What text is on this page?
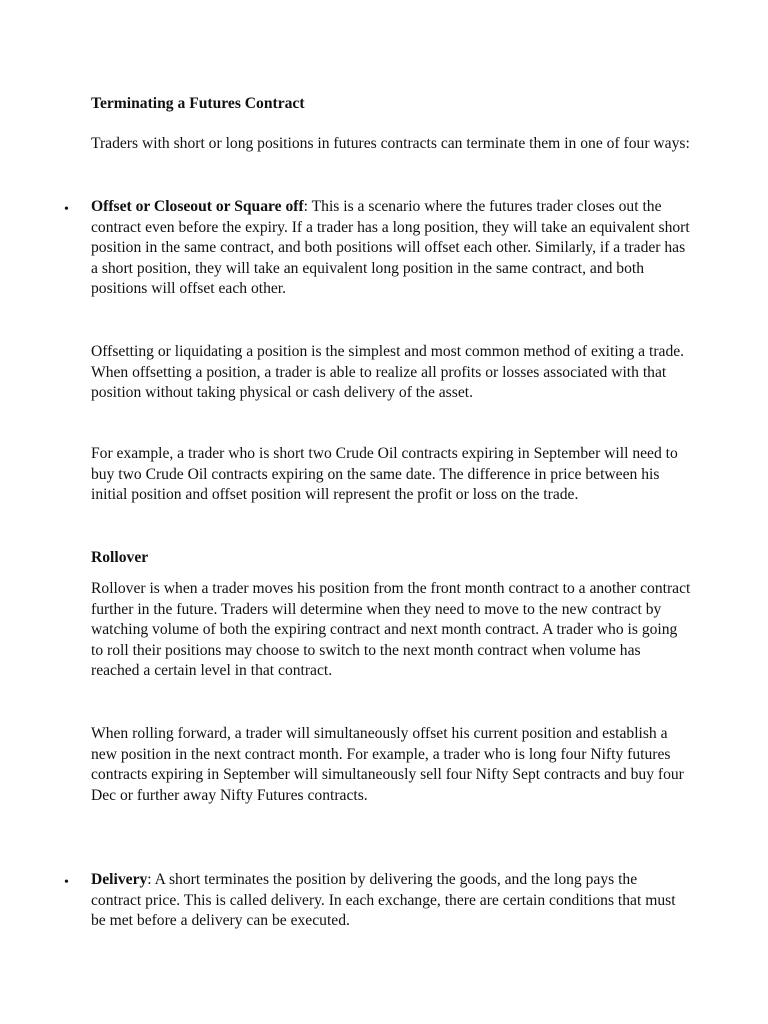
Terminating a Futures Contract

Traders with short or long positions in futures contracts can terminate them in one of four ways:

• Offset or Closeout or Square off: This is a scenario where the futures trader closes out the contract even before the expiry. If a trader has a long position, they will take an equivalent short position in the same contract, and both positions will offset each other. Similarly, if a trader has a short position, they will take an equivalent long position in the same contract, and both positions will offset each other.

Offsetting or liquidating a position is the simplest and most common method of exiting a trade. When offsetting a position, a trader is able to realize all profits or losses associated with that position without taking physical or cash delivery of the asset.

For example, a trader who is short two Crude Oil contracts expiring in September will need to buy two Crude Oil contracts expiring on the same date. The difference in price between his initial position and offset position will represent the profit or loss on the trade.

Rollover

Rollover is when a trader moves his position from the front month contract to a another contract further in the future. Traders will determine when they need to move to the new contract by watching volume of both the expiring contract and next month contract. A trader who is going to roll their positions may choose to switch to the next month contract when volume has reached a certain level in that contract.

When rolling forward, a trader will simultaneously offset his current position and establish a new position in the next contract month. For example, a trader who is long four Nifty futures contracts expiring in September will simultaneously sell four Nifty Sept contracts and buy four Dec or further away Nifty Futures contracts.

• Delivery: A short terminates the position by delivering the goods, and the long pays the contract price. This is called delivery. In each exchange, there are certain conditions that must be met before a delivery can be executed.
